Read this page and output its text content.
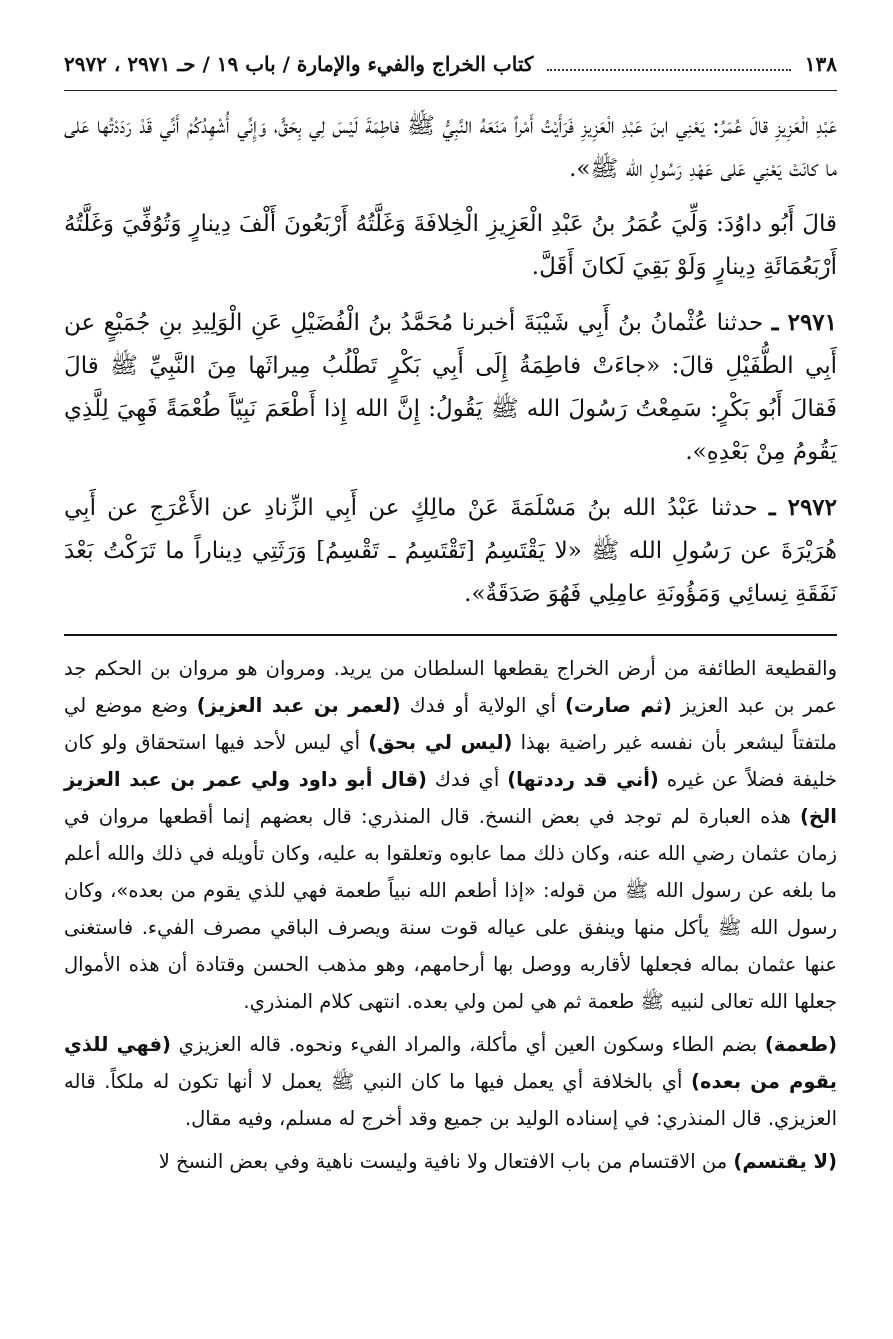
١٣٨
كتاب الخراج والفيء والإمارة / باب ١٩ / حـ ٢٩٧١ ، ٢٩٧٢

عَبْدِ الْعَزِيزِ قالَ عُمَرُ: يَعْنِي ابنَ عَبْدِ الْعَزِيزِ فَرَأَيْتُ أَمْراً مَنَعَهُ النَّبِيُّ ﷺ فاطِمَةَ لَيْسَ لِي بِحَقٍّ، وَإِنِّي أُشْهِدُكُمْ أَنِّي قَدْ رَدَدْتُها عَلى ما كانَتْ يَعْنِي عَلى عَهْدِ رَسُولِ الله ﷺ».

قالَ أَبُو داوُدَ: وَلِّيَ عُمَرُ بنُ عَبْدِ الْعَزِيزِ الْخِلافَةَ وَغَلَّتُهُ أَرْبَعُونَ أَلْفَ دِينارٍ وَتُوُفِّيَ وَغَلَّتُهُ أَرْبَعُمَائَةِ دِينارٍ وَلَوْ بَقِيَ لَكانَ أَقَلَّ.

٢٩٧١ ـ حدثنا عُثْمانُ بنُ أَبِي شَيْبَةَ أخبرنا مُحَمَّدُ بنُ الْفُضَيْلِ عَنِ الْوَلِيدِ بنِ جُمَيْعٍ عن أَبِي الطُّفَيْلِ قالَ: «جاءَتْ فاطِمَةُ إِلَى أَبِي بَكْرٍ تَطْلُبُ مِيراثَها مِنَ النَّبِيِّ ﷺ قالَ فَقالَ أَبُو بَكْرٍ: سَمِعْتُ رَسُولَ الله ﷺ يَقُولُ: إِنَّ الله إِذا أَطْعَمَ نَبِيّاً طُعْمَةً فَهِيَ لِلَّذِي يَقُومُ مِنْ بَعْدِهِ».

٢٩٧٢ ـ حدثنا عَبْدُ الله بنُ مَسْلَمَةَ عَنْ مالِكٍ عن أَبِي الزِّنادِ عن الأَعْرَجِ عن أَبِي هُرَيْرَةَ عن رَسُولِ الله ﷺ «لا يَقْتَسِمُ [تَقْتَسِمُ ـ تَقْسِمُ] وَرَثَتِي دِيناراً ما تَرَكْتُ بَعْدَ نَفَقَةِ نِسائِي وَمَؤُونَةِ عامِلِي فَهُوَ صَدَقَةٌ».

والقطيعة الطائفة من أرض الخراج يقطعها السلطان من يريد. ومروان هو مروان بن الحكم جد عمر بن عبد العزيز (ثم صارت) أي الولاية أو فدك (لعمر بن عبد العزيز) وضع موضع لي ملتفتاً ليشعر بأن نفسه غير راضية بهذا (ليس لي بحق) أي ليس لأحد فيها استحقاق ولو كان خليفة فضلاً عن غيره (أني قد رددتها) أي فدك (قال أبو داود ولي عمر بن عبد العزيز الخ) هذه العبارة لم توجد في بعض النسخ. قال المنذري: قال بعضهم إنما أقطعها مروان في زمان عثمان رضي الله عنه، وكان ذلك مما عابوه وتعلقوا به عليه، وكان تأويله في ذلك والله أعلم ما بلغه عن رسول الله ﷺ من قوله: «إذا أطعم الله نبياً طعمة فهي للذي يقوم من بعده»، وكان رسول الله ﷺ يأكل منها وينفق على عياله قوت سنة ويصرف الباقي مصرف الفيء. فاستغنى عنها عثمان بماله فجعلها لأقاربه ووصل بها أرحامهم، وهو مذهب الحسن وقتادة أن هذه الأموال جعلها الله تعالى لنبيه ﷺ طعمة ثم هي لمن ولي بعده. انتهى كلام المنذري.

(طعمة) بضم الطاء وسكون العين أي مأكلة، والمراد الفيء ونحوه. قاله العزيزي (فهي للذي يقوم من بعده) أي بالخلافة أي يعمل فيها ما كان النبي ﷺ يعمل لا أنها تكون له ملكاً. قاله العزيزي. قال المنذري: في إسناده الوليد بن جميع وقد أخرج له مسلم، وفيه مقال.

(لا يقتسم) من الاقتسام من باب الافتعال ولا نافية وليست ناهية وفي بعض النسخ لا
